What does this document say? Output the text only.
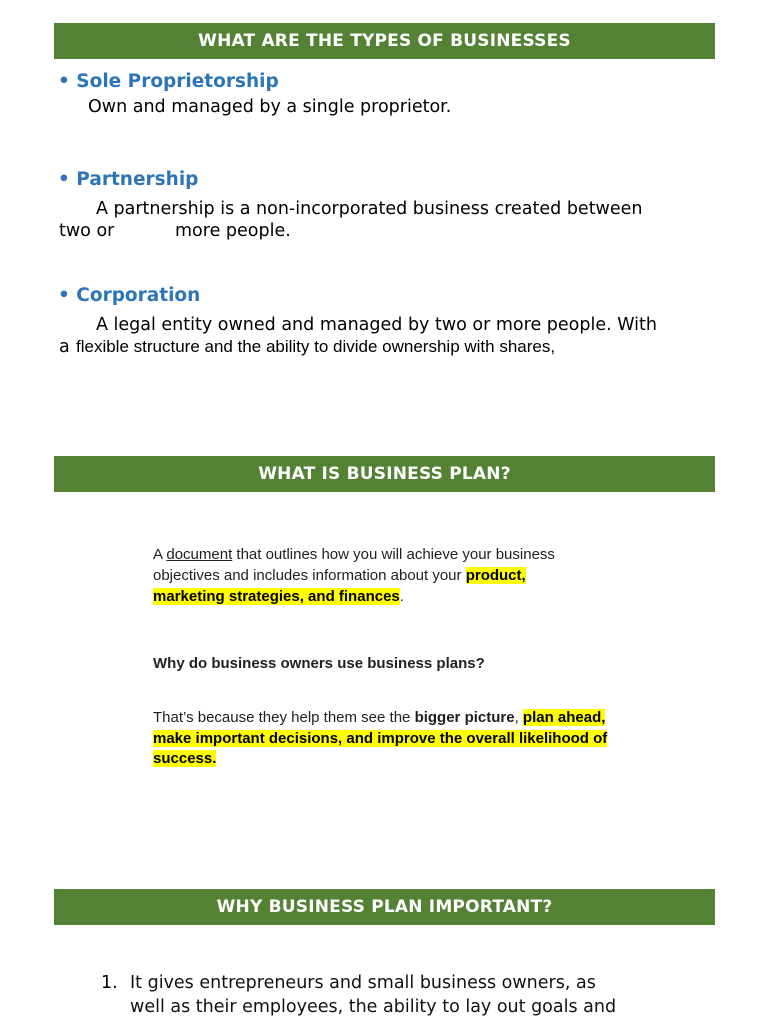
WHAT ARE THE TYPES OF BUSINESSES
• Sole Proprietorship
Own and managed by a single proprietor.
• Partnership
A partnership is a non-incorporated business created between
two or	more people.
• Corporation
A legal entity owned and managed by two or more people. With
a flexible structure and the ability to divide ownership with shares,
WHAT IS BUSINESS PLAN?
A document that outlines how you will achieve your business
objectives and includes information about your product,
marketing strategies, and finances.
Why do business owners use business plans?
That’s because they help them see the bigger picture, plan ahead,
make important decisions, and improve the overall likelihood of
success.
WHY BUSINESS PLAN IMPORTANT?
1. It gives entrepreneurs and small business owners, as
well as their employees, the ability to lay out goals and
